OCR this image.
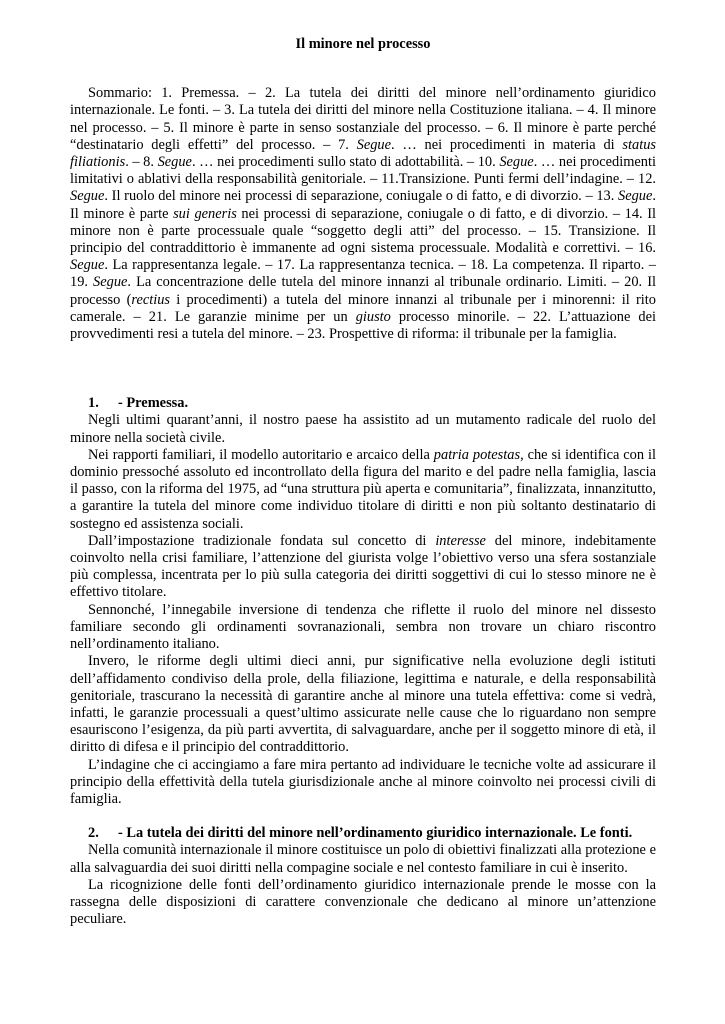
Il minore nel processo

Sommario: 1. Premessa. – 2. La tutela dei diritti del minore nell’ordinamento giuridico internazionale. Le fonti. – 3. La tutela dei diritti del minore nella Costituzione italiana. – 4. Il minore nel processo. – 5. Il minore è parte in senso sostanziale del processo. – 6. Il minore è parte perché “destinatario degli effetti” del processo. – 7. Segue. … nei procedimenti in materia di status filiationis. – 8. Segue. … nei procedimenti sullo stato di adottabilità. – 10. Segue. … nei procedimenti limitativi o ablativi della responsabilità genitoriale. – 11.Transizione. Punti fermi dell’indagine. – 12. Segue. Il ruolo del minore nei processi di separazione, coniugale o di fatto, e di divorzio. – 13. Segue. Il minore è parte sui generis nei processi di separazione, coniugale o di fatto, e di divorzio. – 14. Il minore non è parte processuale quale “soggetto degli atti” del processo. – 15. Transizione. Il principio del contraddittorio è immanente ad ogni sistema processuale. Modalità e correttivi. – 16. Segue. La rappresentanza legale. – 17. La rappresentanza tecnica. – 18. La competenza. Il riparto. – 19. Segue. La concentrazione delle tutela del minore innanzi al tribunale ordinario. Limiti. – 20. Il processo (rectius i procedimenti) a tutela del minore innanzi al tribunale per i minorenni: il rito camerale. – 21. Le garanzie minime per un giusto processo minorile. – 22. L’attuazione dei provvedimenti resi a tutela del minore. – 23. Prospettive di riforma: il tribunale per la famiglia.

1. - Premessa.

Negli ultimi quarant’anni, il nostro paese ha assistito ad un mutamento radicale del ruolo del minore nella società civile.

Nei rapporti familiari, il modello autoritario e arcaico della patria potestas, che si identifica con il dominio pressoché assoluto ed incontrollato della figura del marito e del padre nella famiglia, lascia il passo, con la riforma del 1975, ad “una struttura più aperta e comunitaria”, finalizzata, innanzitutto, a garantire la tutela del minore come individuo titolare di diritti e non più soltanto destinatario di sostegno ed assistenza sociali.

Dall’impostazione tradizionale fondata sul concetto di interesse del minore, indebitamente coinvolto nella crisi familiare, l’attenzione del giurista volge l’obiettivo verso una sfera sostanziale più complessa, incentrata per lo più sulla categoria dei diritti soggettivi di cui lo stesso minore ne è effettivo titolare.

Sennonché, l’innegabile inversione di tendenza che riflette il ruolo del minore nel dissesto familiare secondo gli ordinamenti sovranazionali, sembra non trovare un chiaro riscontro nell’ordinamento italiano.

Invero, le riforme degli ultimi dieci anni, pur significative nella evoluzione degli istituti dell’affidamento condiviso della prole, della filiazione, legittima e naturale, e della responsabilità genitoriale, trascurano la necessità di garantire anche al minore una tutela effettiva: come si vedrà, infatti, le garanzie processuali a quest’ultimo assicurate nelle cause che lo riguardano non sempre esauriscono l’esigenza, da più parti avvertita, di salvaguardare, anche per il soggetto minore di età, il diritto di difesa e il principio del contraddittorio.

L’indagine che ci accingiamo a fare mira pertanto ad individuare le tecniche volte ad assicurare il principio della effettività della tutela giurisdizionale anche al minore coinvolto nei processi civili di famiglia.

2. - La tutela dei diritti del minore nell’ordinamento giuridico internazionale. Le fonti.

Nella comunità internazionale il minore costituisce un polo di obiettivi finalizzati alla protezione e alla salvaguardia dei suoi diritti nella compagine sociale e nel contesto familiare in cui è inserito.

La ricognizione delle fonti dell’ordinamento giuridico internazionale prende le mosse con la rassegna delle disposizioni di carattere convenzionale che dedicano al minore un’attenzione peculiare.
